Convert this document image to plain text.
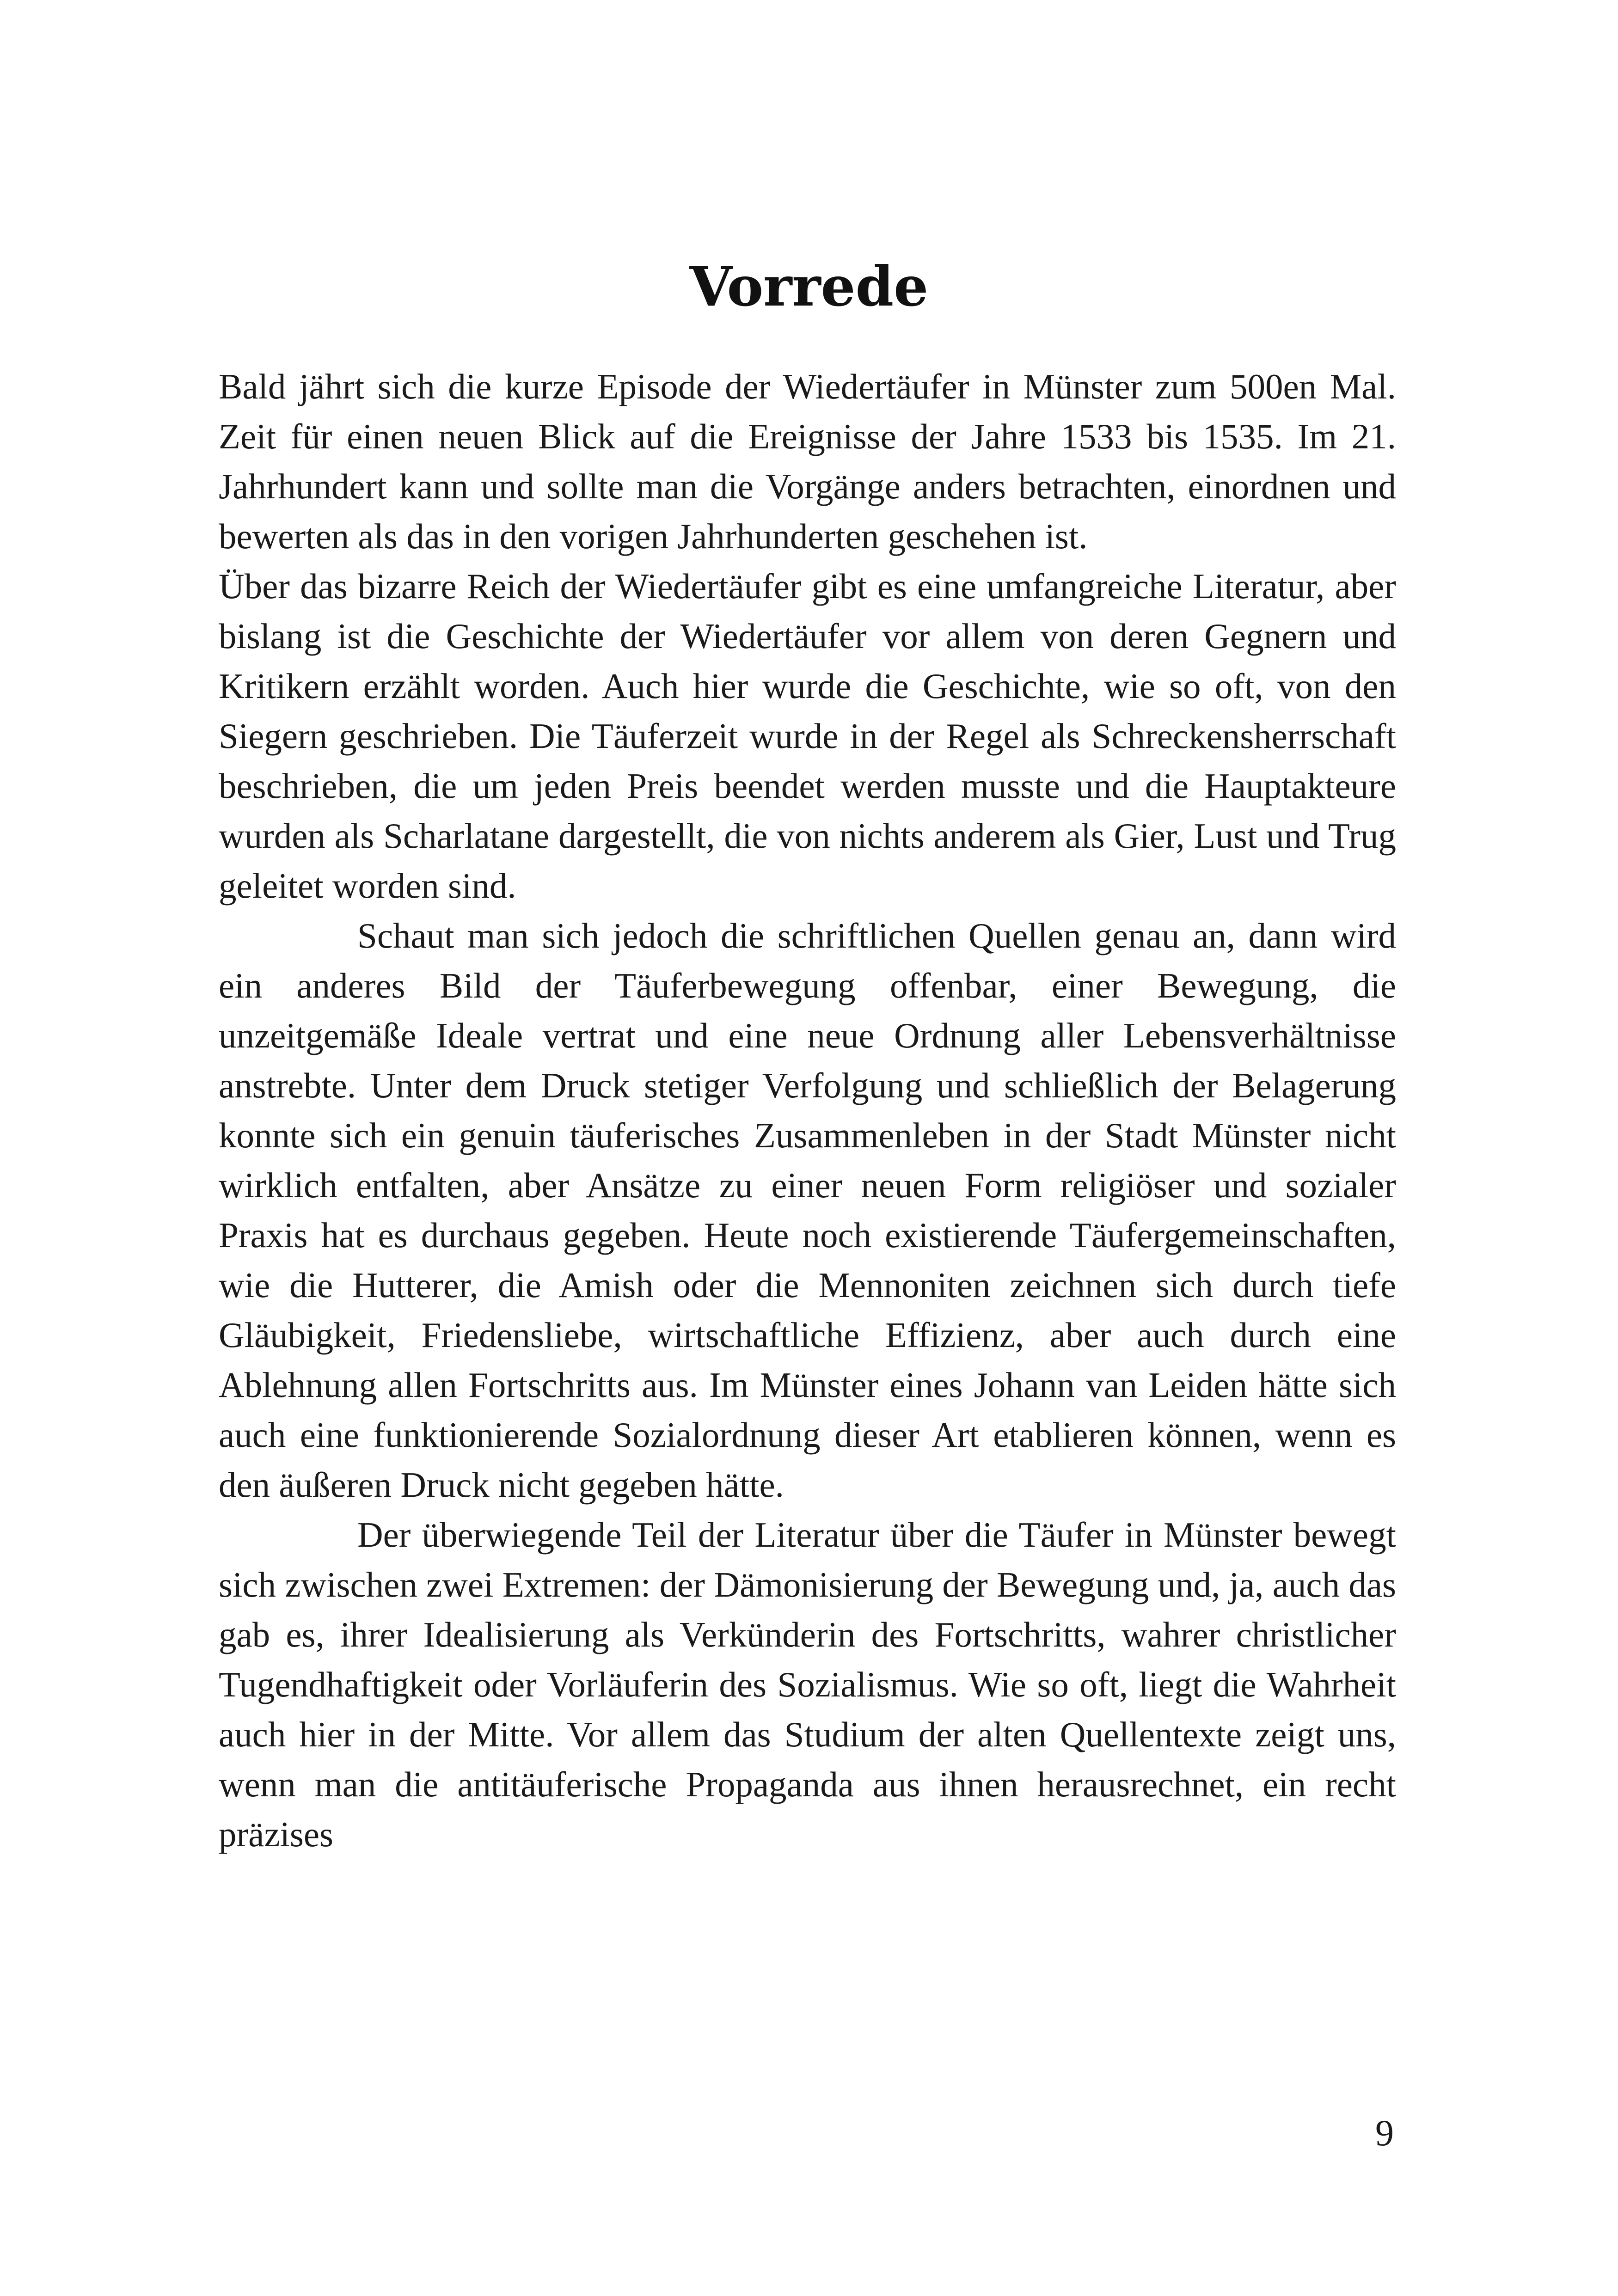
Vorrede

Bald jährt sich die kurze Episode der Wiedertäufer in Münster zum 500en Mal. Zeit für einen neuen Blick auf die Ereignisse der Jahre 1533 bis 1535. Im 21. Jahrhundert kann und sollte man die Vorgänge anders betrachten, einordnen und bewerten als das in den vorigen Jahrhunderten geschehen ist.

Über das bizarre Reich der Wiedertäufer gibt es eine umfangreiche Literatur, aber bislang ist die Geschichte der Wiedertäufer vor allem von deren Gegnern und Kritikern erzählt worden. Auch hier wurde die Geschichte, wie so oft, von den Siegern geschrieben. Die Täuferzeit wurde in der Regel als Schreckensherrschaft beschrieben, die um jeden Preis beendet werden musste und die Hauptakteure wurden als Scharlatane dargestellt, die von nichts anderem als Gier, Lust und Trug geleitet worden sind.

Schaut man sich jedoch die schriftlichen Quellen genau an, dann wird ein anderes Bild der Täuferbewegung offenbar, einer Bewegung, die unzeitgemäße Ideale vertrat und eine neue Ordnung aller Lebensverhältnisse anstrebte. Unter dem Druck stetiger Verfolgung und schließlich der Belagerung konnte sich ein genuin täuferisches Zusammenleben in der Stadt Münster nicht wirklich entfalten, aber Ansätze zu einer neuen Form religiöser und sozialer Praxis hat es durchaus gegeben. Heute noch existierende Täufergemeinschaften, wie die Hutterer, die Amish oder die Mennoniten zeichnen sich durch tiefe Gläubigkeit, Friedensliebe, wirtschaftliche Effizienz, aber auch durch eine Ablehnung allen Fortschritts aus. Im Münster eines Johann van Leiden hätte sich auch eine funktionierende Sozialordnung dieser Art etablieren können, wenn es den äußeren Druck nicht gegeben hätte.

Der überwiegende Teil der Literatur über die Täufer in Münster bewegt sich zwischen zwei Extremen: der Dämonisierung der Bewegung und, ja, auch das gab es, ihrer Idealisierung als Verkünderin des Fortschritts, wahrer christlicher Tugendhaftigkeit oder Vorläuferin des Sozialismus. Wie so oft, liegt die Wahrheit auch hier in der Mitte. Vor allem das Studium der alten Quellentexte zeigt uns, wenn man die antitäuferische Propaganda aus ihnen herausrechnet, ein recht präzises

9
